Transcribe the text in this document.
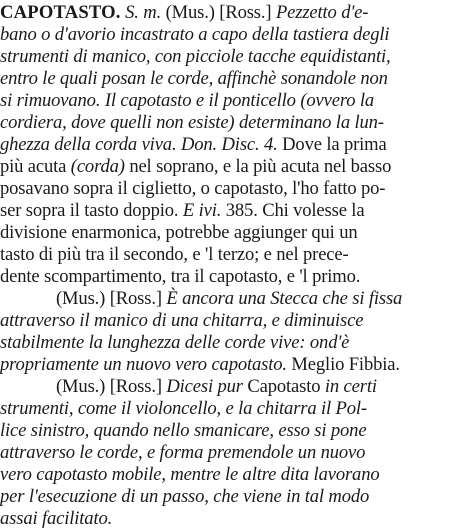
CAPOTASTO. S. m. (Mus.) [Ross.] Pezzetto d'e-
bano o d'avorio incastrato a capo della tastiera degli
strumenti di manico, con picciole tacche equidistanti,
entro le quali posan le corde, affinchè sonandole non
si rimuovano. Il capotasto e il ponticello (ovvero la
cordiera, dove quelli non esiste) determinano la lun-
ghezza della corda viva. Don. Disc. 4. Dove la prima
più acuta (corda) nel soprano, e la più acuta nel basso
posavano sopra il ciglietto, o capotasto, l'ho fatto po-
ser sopra il tasto doppio. E ivi. 385. Chi volesse la
divisione enarmonica, potrebbe aggiunger qui un
tasto di più tra il secondo, e 'l terzo; e nel prece-
dente scompartimento, tra il capotasto, e 'l primo.
(Mus.) [Ross.] È ancora una Stecca che si fissa
attraverso il manico di una chitarra, e diminuisce
stabilmente la lunghezza delle corde vive: ond'è
propriamente un nuovo vero capotasto. Meglio Fibbia.
(Mus.) [Ross.] Dicesi pur Capotasto in certi
strumenti, come il violoncello, e la chitarra il Pol-
lice sinistro, quando nello smanicare, esso si pone
attraverso le corde, e forma premendole un nuovo
vero capotasto mobile, mentre le altre dita lavorano
per l'esecuzione di un passo, che viene in tal modo
assai facilitato.
